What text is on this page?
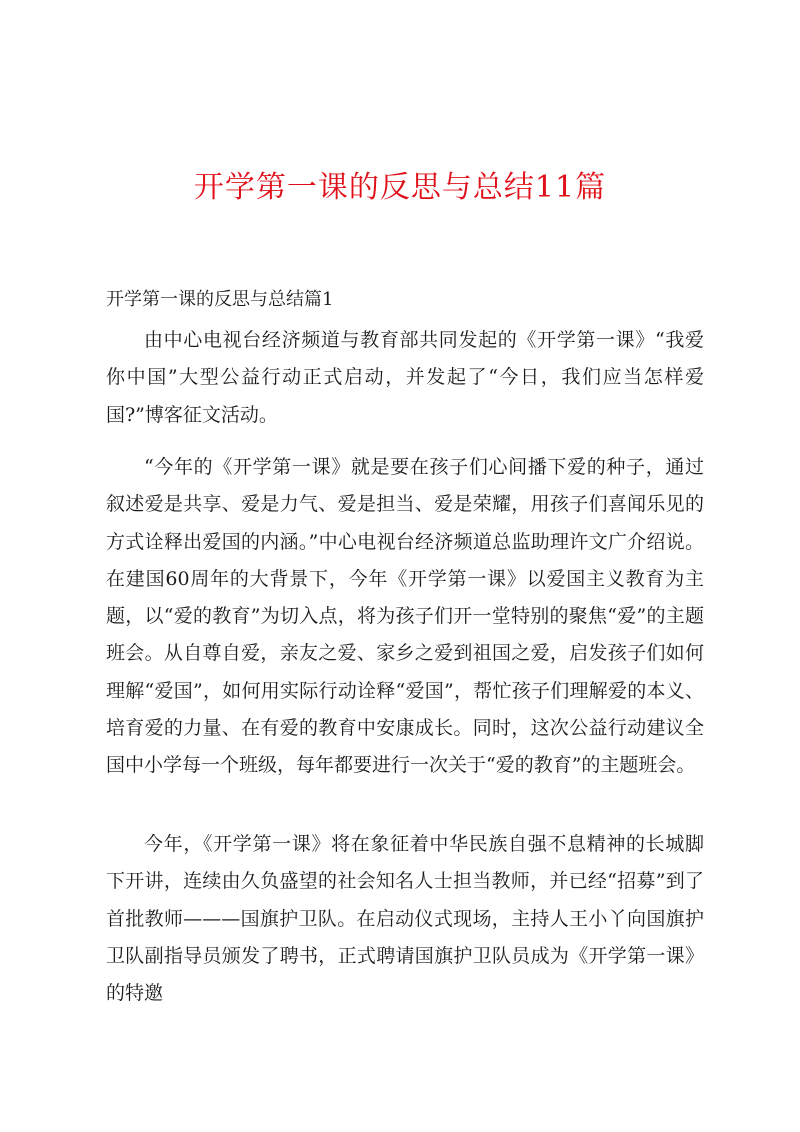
开学第一课的反思与总结11篇
开学第一课的反思与总结篇1

由中心电视台经济频道与教育部共同发起的《开学第一课》“我爱你中国”大型公益行动正式启动，并发起了“今日，我们应当怎样爱国?”博客征文活动。

“今年的《开学第一课》就是要在孩子们心间播下爱的种子，通过叙述爱是共享、爱是力气、爱是担当、爱是荣耀，用孩子们喜闻乐见的方式诠释出爱国的内涵。”中心电视台经济频道总监助理许文广介绍说。在建国60周年的大背景下，今年《开学第一课》以爱国主义教育为主题，以“爱的教育”为切入点，将为孩子们开一堂特别的聚焦“爱”的主题班会。从自尊自爱，亲友之爱、家乡之爱到祖国之爱，启发孩子们如何理解“爱国”，如何用实际行动诠释“爱国”，帮忙孩子们理解爱的本义、培育爱的力量、在有爱的教育中安康成长。同时，这次公益行动建议全国中小学每一个班级，每年都要进行一次关于“爱的教育”的主题班会。

今年，《开学第一课》将在象征着中华民族自强不息精神的长城脚下开讲，连续由久负盛望的社会知名人士担当教师，并已经“招募”到了首批教师———国旗护卫队。在启动仪式现场，主持人王小丫向国旗护卫队副指导员颁发了聘书，正式聘请国旗护卫队员成为《开学第一课》的特邀
